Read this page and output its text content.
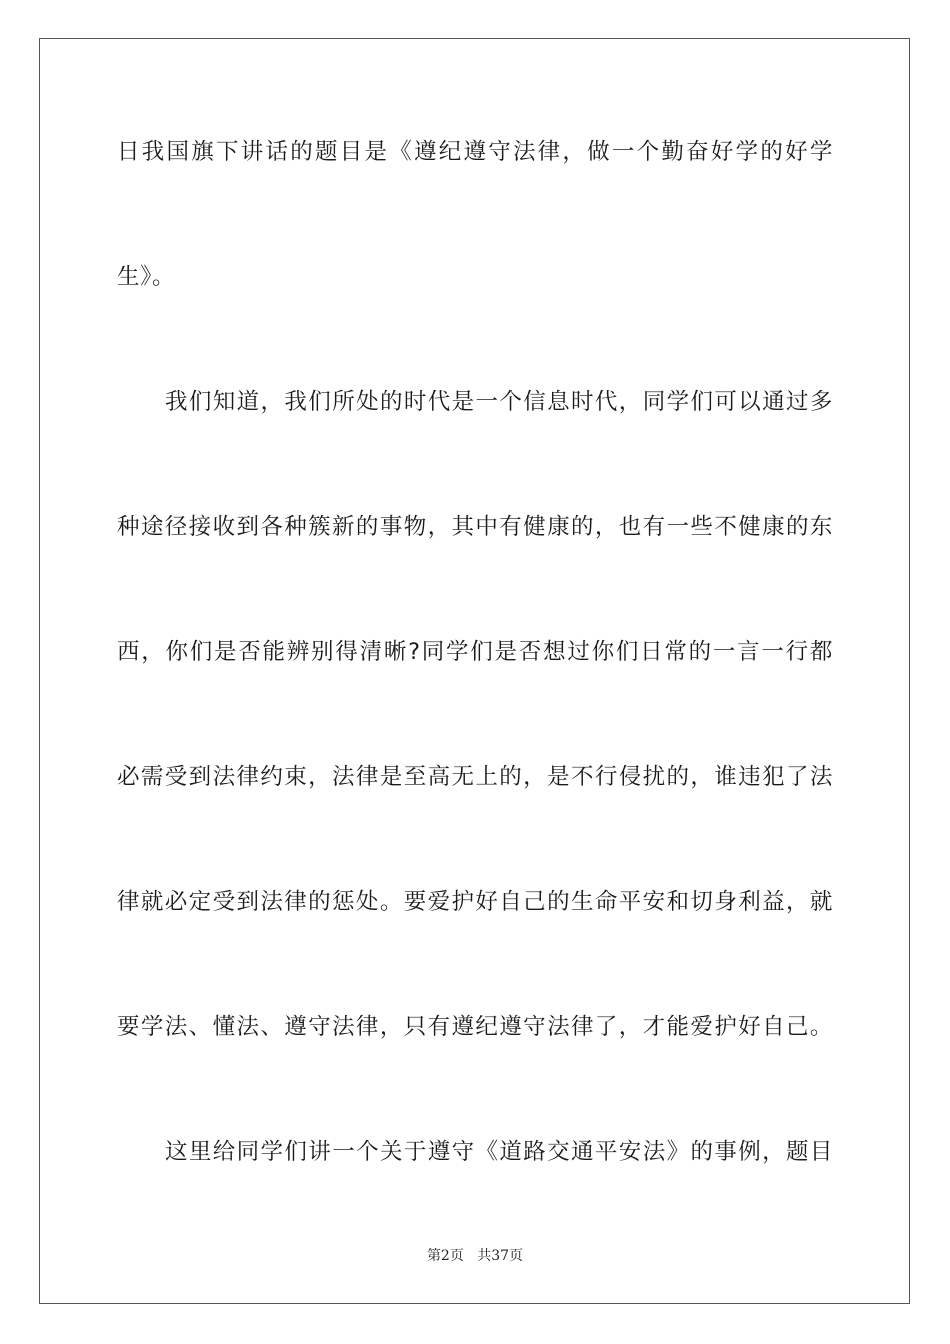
日我国旗下讲话的题目是《遵纪遵守法律，做一个勤奋好学的好学
生》。
我们知道，我们所处的时代是一个信息时代，同学们可以通过多
种途径接收到各种簇新的事物，其中有健康的，也有一些不健康的东
西，你们是否能辨别得清晰?同学们是否想过你们日常的一言一行都
必需受到法律约束，法律是至高无上的，是不行侵扰的，谁违犯了法
律就必定受到法律的惩处。要爱护好自己的生命平安和切身利益，就
要学法、懂法、遵守法律，只有遵纪遵守法律了，才能爱护好自己。
这里给同学们讲一个关于遵守《道路交通平安法》的事例，题目
第2页 共37页
